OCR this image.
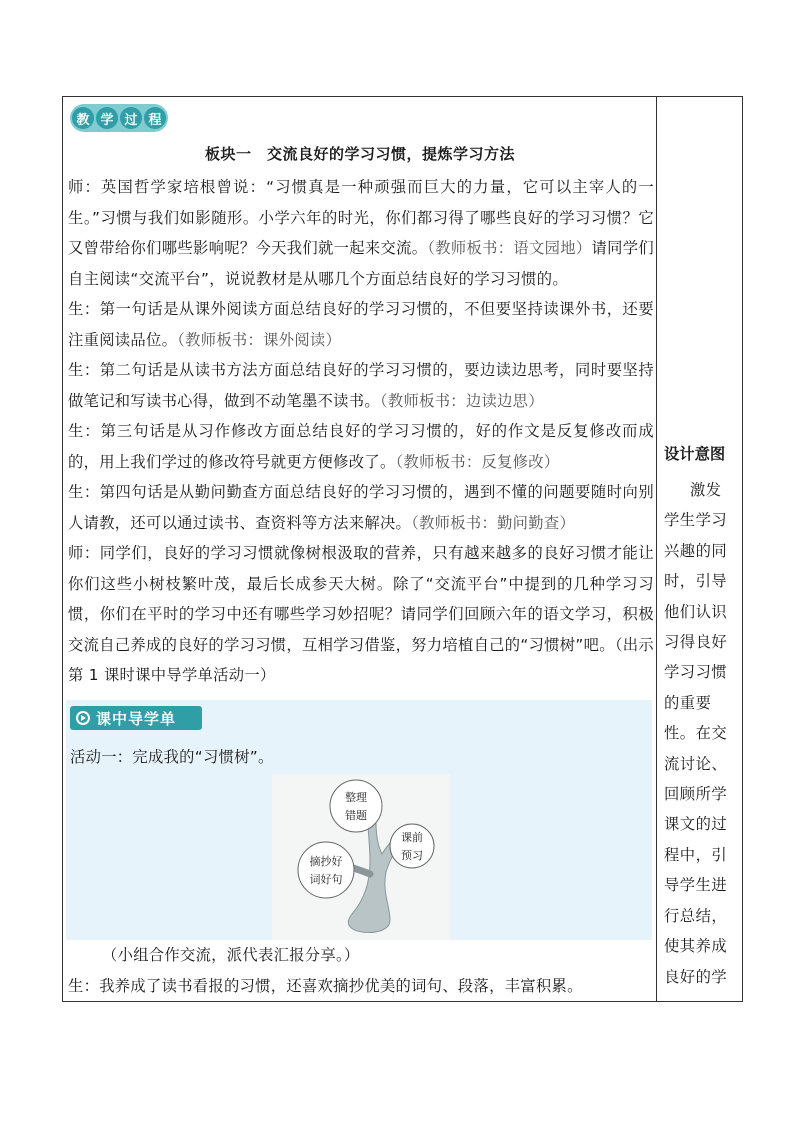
教 学 过 程
板块一　交流良好的学习习惯，提炼学习方法

师：英国哲学家培根曾说：“习惯真是一种顽强而巨大的力量，它可以主宰人的一生。”习惯与我们如影随形。小学六年的时光，你们都习得了哪些良好的学习习惯？它又曾带给你们哪些影响呢？今天我们就一起来交流。（教师板书：语文园地）请同学们自主阅读“交流平台”，说说教材是从哪几个方面总结良好的学习习惯的。

生：第一句话是从课外阅读方面总结良好的学习习惯的，不但要坚持读课外书，还要注重阅读品位。（教师板书：课外阅读）

生：第二句话是从读书方法方面总结良好的学习习惯的，要边读边思考，同时要坚持做笔记和写读书心得，做到不动笔墨不读书。（教师板书：边读边思）

生：第三句话是从习作修改方面总结良好的学习习惯的，好的作文是反复修改而成的，用上我们学过的修改符号就更方便修改了。（教师板书：反复修改）

生：第四句话是从勤问勤查方面总结良好的学习习惯的，遇到不懂的问题要随时向别人请教，还可以通过读书、查资料等方法来解决。（教师板书：勤问勤查）

师：同学们，良好的学习习惯就像树根汲取的营养，只有越来越多的良好习惯才能让你们这些小树枝繁叶茂，最后长成参天大树。除了“交流平台”中提到的几种学习习惯，你们在平时的学习中还有哪些学习妙招呢？请同学们回顾六年的语文学习，积极交流自己养成的良好的学习习惯，互相学习借鉴，努力培植自己的“习惯树”吧。（出示第 1 课时课中导学单活动一）

课中导学单
活动一：完成我的“习惯树”。
整理
错题
课前
预习
摘抄好
词好句
（小组合作交流，派代表汇报分享。）
生：我养成了读书看报的习惯，还喜欢摘抄优美的词句、段落，丰富积累。
设计意图
激发学生学习兴趣的同时，引导他们认识习得良好学习习惯的重要性。在交流讨论、回顾所学课文的过程中，引导学生进行总结，使其养成良好的学
